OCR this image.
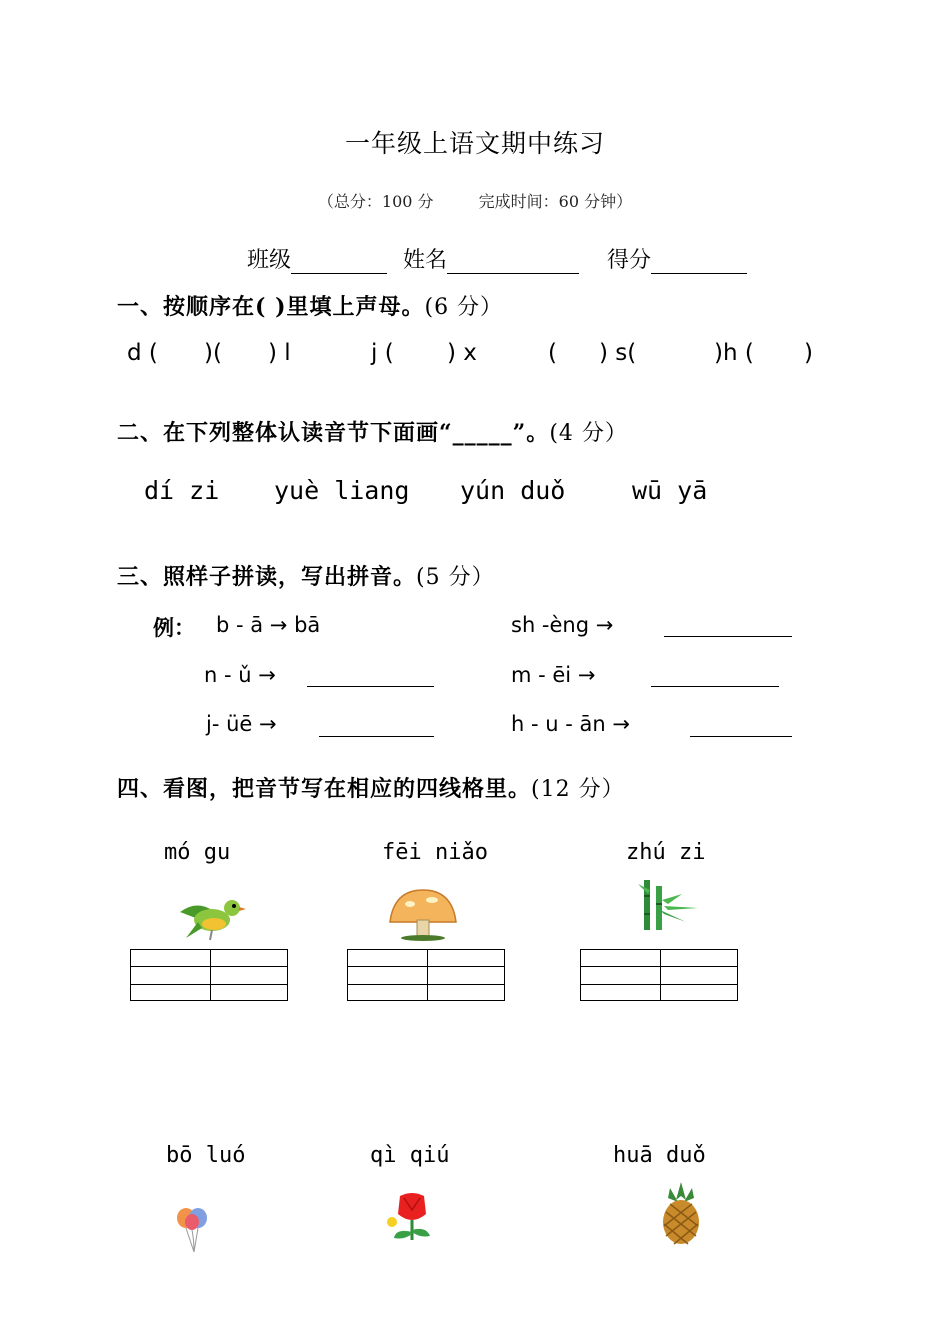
一年级上语文期中练习
（总分：100 分	完成时间：60 分钟）
班级	姓名	得分
一、按顺序在( )里填上声母。(6 分）
d ( )( ) l	j ( ) x	( ) s(	)h ( )
二、在下列整体认读音节下面画“_____”。(4 分）
dí zi yuè liang yún duǒ	wū yā
三、照样子拼读，写出拼音。(5 分）
例： b - ā → bā	sh -èng →
n - ǔ →	m - ēi →
j- üē →	h - u - ān →
四、看图，把音节写在相应的四线格里。(12 分）
mó gu	fēi niǎo	zhú zi
bō luó	qì qiú	huā duǒ
